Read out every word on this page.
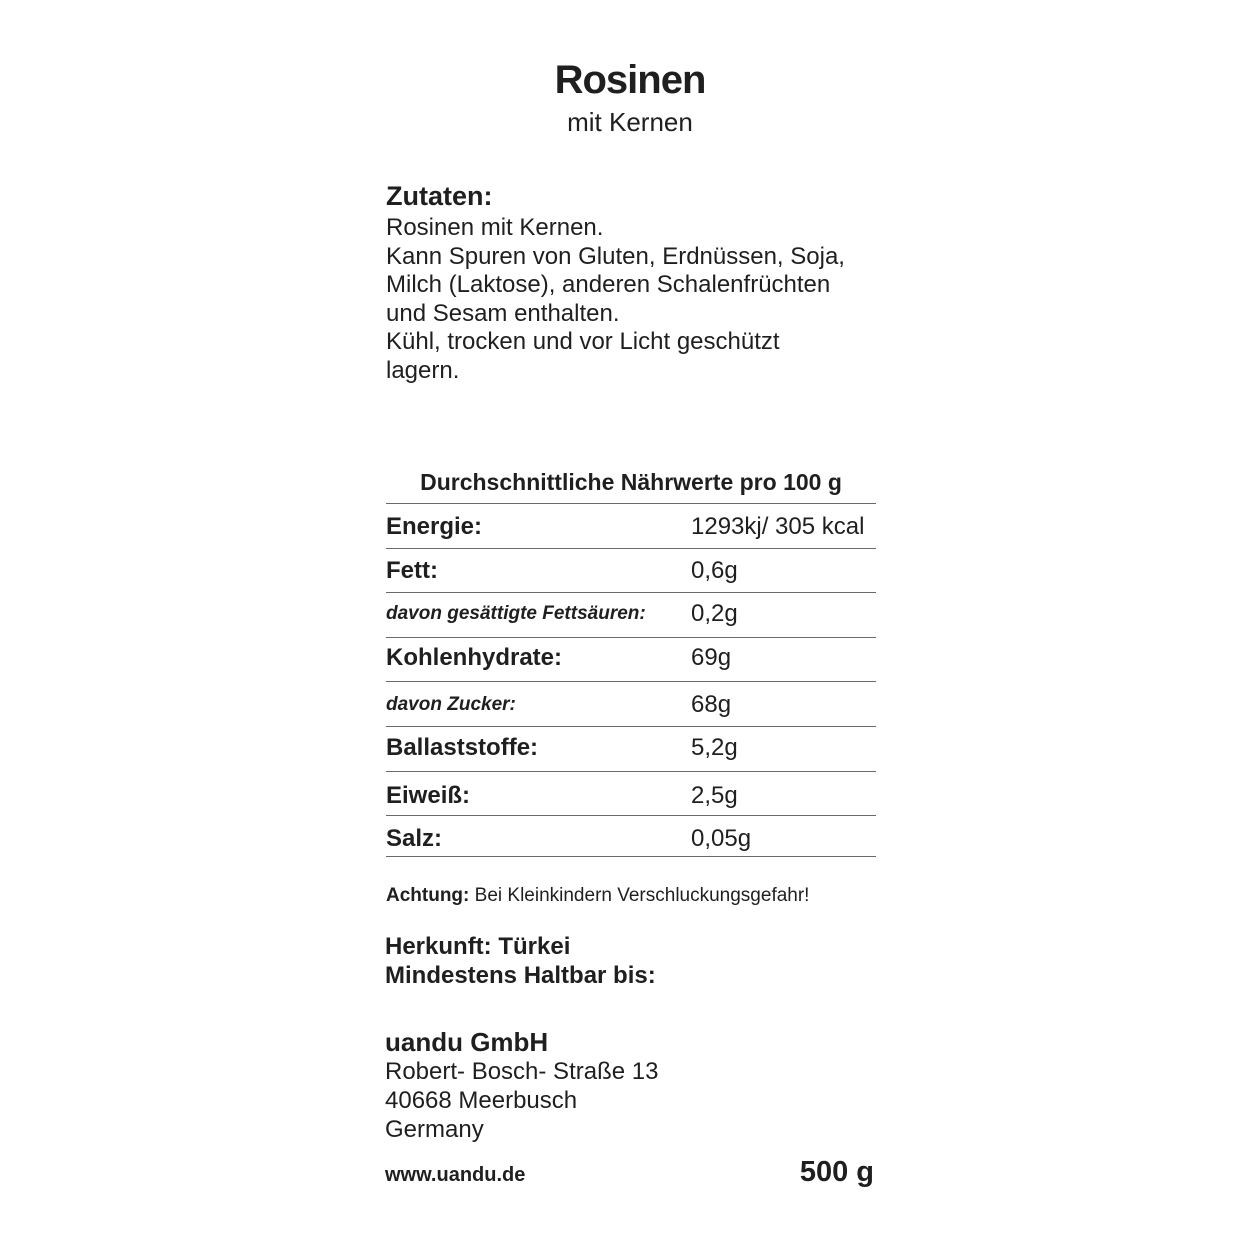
Rosinen
mit Kernen
Zutaten:
Rosinen mit Kernen.
Kann Spuren von Gluten, Erdnüssen, Soja,
Milch (Laktose), anderen Schalenfrüchten
und Sesam enthalten.
Kühl, trocken und vor Licht geschützt
lagern.
Durchschnittliche Nährwerte pro 100 g
Energie:	1293kj/ 305 kcal
Fett:	0,6g
davon gesättigte Fettsäuren: 0,2g
Kohlenhydrate:	69g
davon Zucker:	68g
Ballaststoffe:	5,2g
Eiweiß:	2,5g
Salz:	0,05g
Achtung: Bei Kleinkindern Verschluckungsgefahr!
Herkunft: Türkei
Mindestens Haltbar bis:
uandu GmbH
Robert- Bosch- Straße 13
40668 Meerbusch
Germany
www.uandu.de	500 g
